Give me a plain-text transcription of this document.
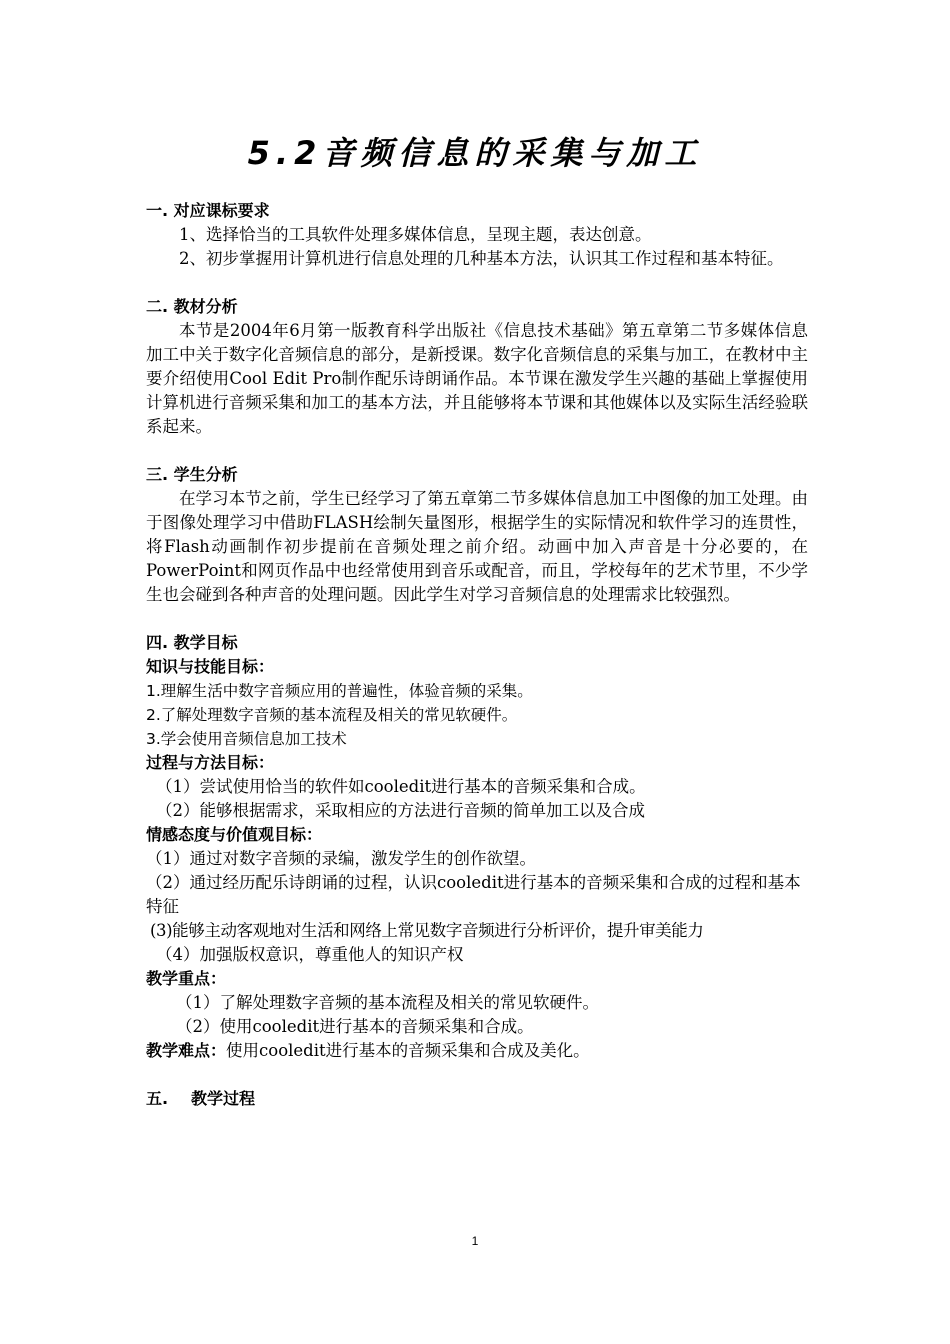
5.2音频信息的采集与加工
一. 对应课标要求
1、选择恰当的工具软件处理多媒体信息，呈现主题，表达创意。
2、初步掌握用计算机进行信息处理的几种基本方法，认识其工作过程和基本特征。
二. 教材分析

本节是2004年6月第一版教育科学出版社《信息技术基础》第五章第二节多媒体信息加工中关于数字化音频信息的部分，是新授课。数字化音频信息的采集与加工，在教材中主要介绍使用Cool Edit Pro制作配乐诗朗诵作品。本节课在激发学生兴趣的基础上掌握使用计算机进行音频采集和加工的基本方法，并且能够将本节课和其他媒体以及实际生活经验联系起来。

三. 学生分析

在学习本节之前，学生已经学习了第五章第二节多媒体信息加工中图像的加工处理。由于图像处理学习中借助FLASH绘制矢量图形，根据学生的实际情况和软件学习的连贯性，将Flash动画制作初步提前在音频处理之前介绍。动画中加入声音是十分必要的，在PowerPoint和网页作品中也经常使用到音乐或配音，而且，学校每年的艺术节里，不少学生也会碰到各种声音的处理问题。因此学生对学习音频信息的处理需求比较强烈。

四. 教学目标
知识与技能目标：
1.理解生活中数字音频应用的普遍性，体验音频的采集。
2.了解处理数字音频的基本流程及相关的常见软硬件。
3.学会使用音频信息加工技术
过程与方法目标：
（1）尝试使用恰当的软件如cooledit进行基本的音频采集和合成。
（2）能够根据需求，采取相应的方法进行音频的简单加工以及合成
情感态度与价值观目标：
（1）通过对数字音频的录编，激发学生的创作欲望。
（2）通过经历配乐诗朗诵的过程，认识cooledit进行基本的音频采集和合成的过程和基本特征
(3)能够主动客观地对生活和网络上常见数字音频进行分析评价，提升审美能力
（4）加强版权意识，尊重他人的知识产权
教学重点：
（1）了解处理数字音频的基本流程及相关的常见软硬件。
（2）使用cooledit进行基本的音频采集和合成。
教学难点：使用cooledit进行基本的音频采集和合成及美化。
五. 教学过程
1
